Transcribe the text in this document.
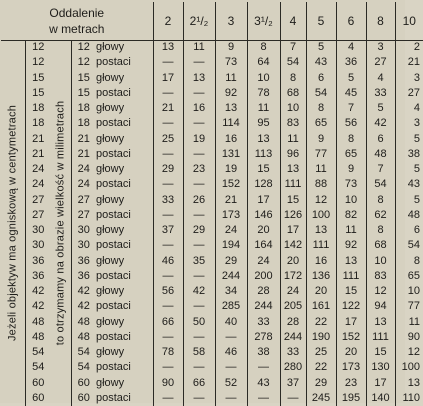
Oddalenie
w metrach					2	2¹/₂	3	3¹/₂	4	5	6	8	10

Jeżeli objektyw ma ogniskową w centymetrach	12	to otrzymamy na obrazie wielkość w milimetrach	12	głowy	13	11	9	8	7	5	4	3	2
	12		12	postaci	—	—	73	64	54	43	36	27	21
	15		15	głowy	17	13	11	10	8	6	5	4	3
	15		15	postaci	—	—	92	78	68	54	45	33	27
	18		18	głowy	21	16	13	11	10	8	7	5	4
	18		18	postaci	—	—	114	95	83	65	56	42	3
	21		21	głowy	25	19	16	13	11	9	8	6	5
	21		21	postaci	—	—	131	113	96	77	65	48	38
	24		24	głowy	29	23	19	15	13	11	9	7	5
	24		24	postaci	—	—	152	128	111	88	73	54	43
	27		27	głowy	33	26	21	17	15	12	10	8	5
	27		27	postaci	—	—	173	146	126	100	82	62	48
	30		30	głowy	37	29	24	20	17	13	11	8	6
	30		30	postaci	—	—	194	164	142	111	92	68	54
	36		36	głowy	46	35	29	24	20	16	13	10	8
	36		36	postaci	—	—	244	200	172	136	111	83	65
	42		42	głowy	56	42	34	28	24	20	15	12	10
	42		42	postaci	—	—	285	244	205	161	122	94	77
	48		48	głowy	66	50	40	33	28	22	17	13	11
	48		48	postaci	—	—	—	278	244	190	152	111	90
	54		54	głowy	78	58	46	38	33	25	20	15	12
	54		54	postaci	—	—	—	—	280	22	173	130	100
	60		60	głowy	90	66	52	43	37	29	23	17	13
	60		60	postaci	—	—	—	—	—	245	195	140	110
